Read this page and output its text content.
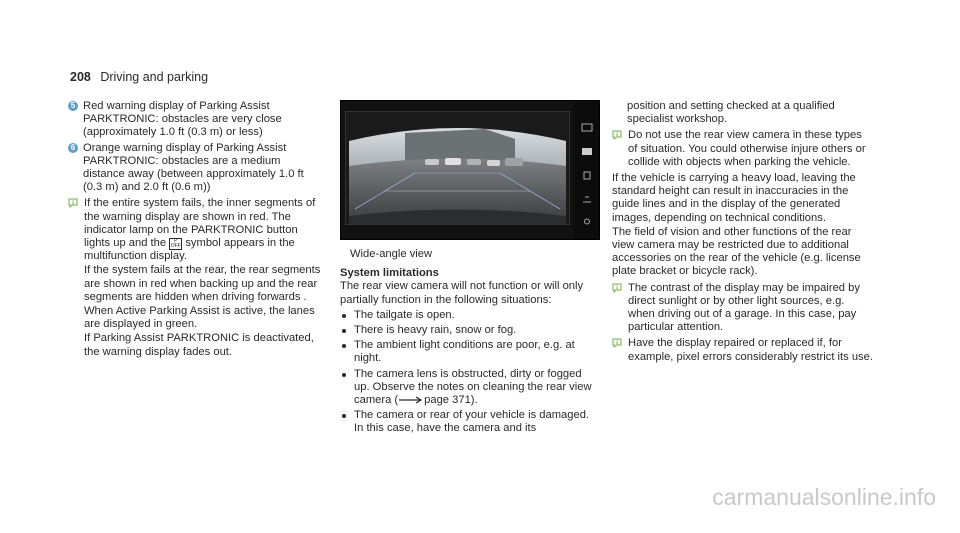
208 Driving and parking
5 Red warning display of Parking Assist PARKTRONIC: obstacles are very close (approximately 1.0 ft (0.3 m) or less)
6 Orange warning display of Parking Assist PARKTRONIC: obstacles are a medium distance away (between approximately 1.0 ft (0.3 m) and 2.0 ft (0.6 m))
If the entire system fails, the inner segments of the warning display are shown in red. The indicator lamp on the PARKTRONIC button lights up and the P OFF symbol appears in the multifunction display.
If the system fails at the rear, the rear segments are shown in red when backing up and the rear segments are hidden when driving forwards .
When Active Parking Assist is active, the lanes are displayed in green.
If Parking Assist PARKTRONIC is deactivated, the warning display fades out.
Wide-angle view
System limitations
The rear view camera will not function or will only partially function in the following situations:
The tailgate is open.
There is heavy rain, snow or fog.
The ambient light conditions are poor, e.g. at night.
The camera lens is obstructed, dirty or fogged up. Observe the notes on cleaning the rear view camera ( page 371).
The camera or rear of your vehicle is damaged. In this case, have the camera and its
position and setting checked at a qualified specialist workshop.
Do not use the rear view camera in these types of situation. You could otherwise injure others or collide with objects when parking the vehicle.
If the vehicle is carrying a heavy load, leaving the standard height can result in inaccuracies in the guide lines and in the display of the generated images, depending on technical conditions.
The field of vision and other functions of the rear view camera may be restricted due to additional accessories on the rear of the vehicle (e.g. license plate bracket or bicycle rack).
The contrast of the display may be impaired by direct sunlight or by other light sources, e.g. when driving out of a garage. In this case, pay particular attention.
Have the display repaired or replaced if, for example, pixel errors considerably restrict its use.
carmanualsonline.info
